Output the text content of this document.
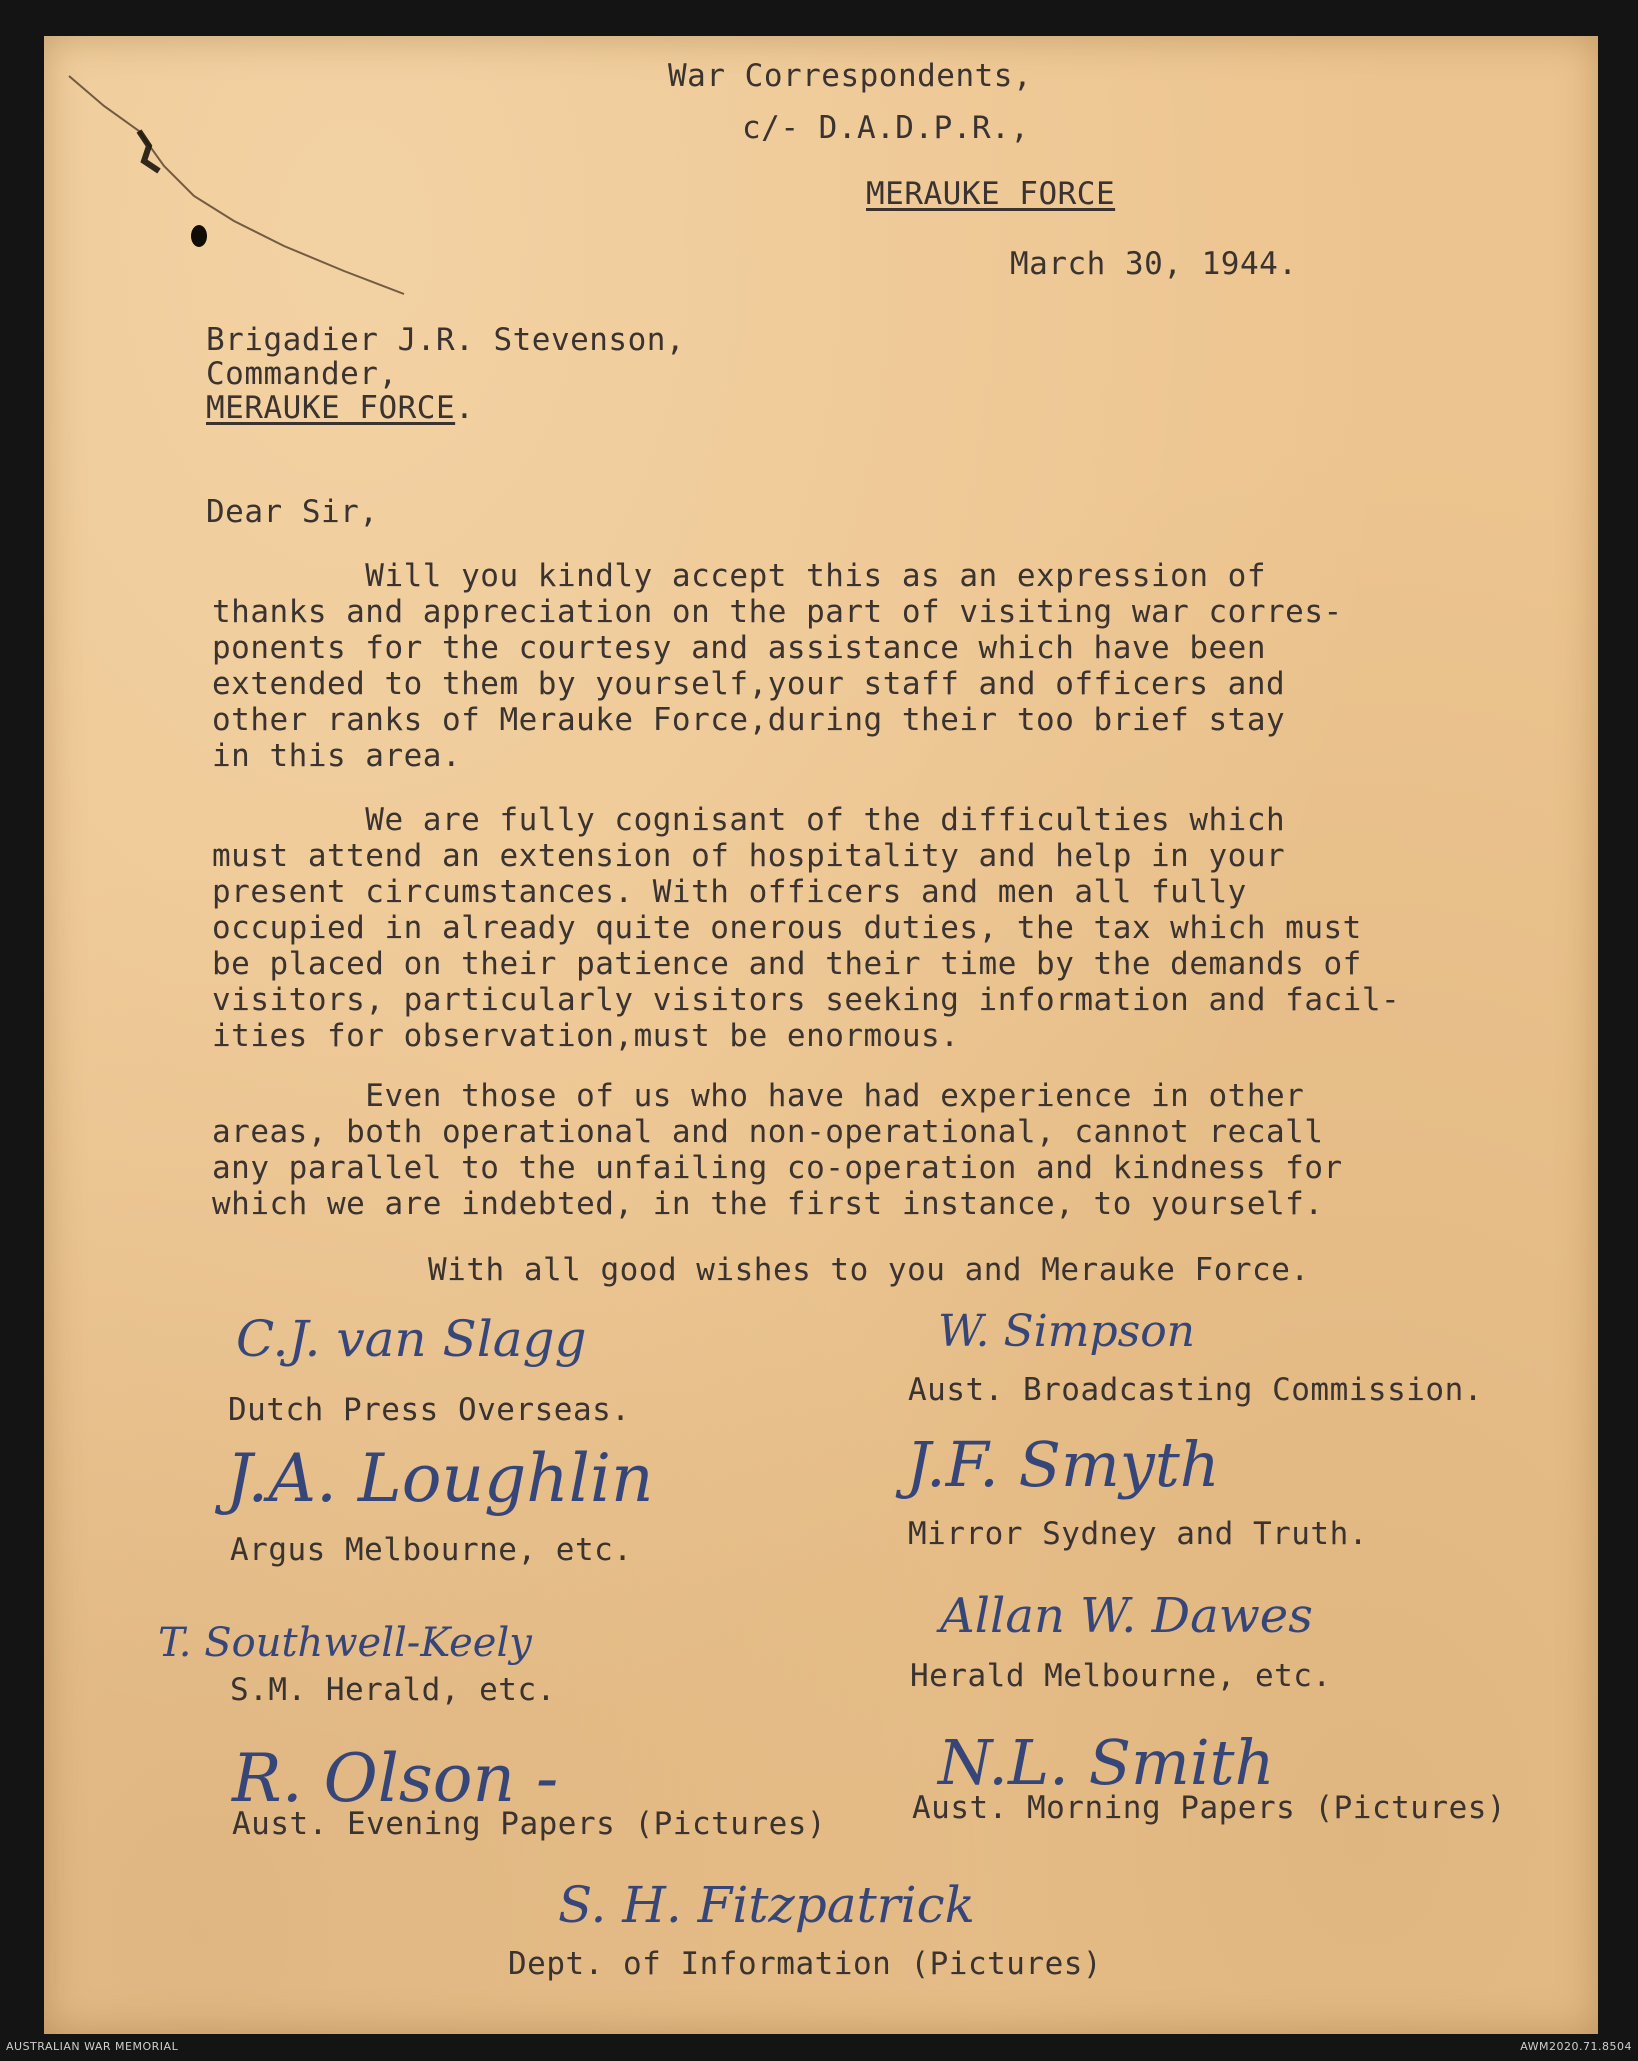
War Correspondents,
c/- D.A.D.P.R.,
MERAUKE FORCE
March 30, 1944.
Brigadier J.R. Stevenson,
Commander,
MERAUKE FORCE.
Dear Sir,
Will you kindly accept this as an expression of
thanks and appreciation on the part of visiting war corres-
ponents for the courtesy and assistance which have been
extended to them by yourself,your staff and officers and
other ranks of Merauke Force,during their too brief stay
in this area.
We are fully cognisant of the difficulties which
must attend an extension of hospitality and help in your
present circumstances. With officers and men all fully
occupied in already quite onerous duties, the tax which must
be placed on their patience and their time by the demands of
visitors, particularly visitors seeking information and facil-
ities for observation,must be enormous.
Even those of us who have had experience in other
areas, both operational and non-operational, cannot recall
any parallel to the unfailing co-operation and kindness for
which we are indebted, in the first instance, to yourself.
With all good wishes to you and Merauke Force.
C.J. van Slagg
Dutch Press Overseas.
W. Simpson
Aust. Broadcasting Commission.
J.A. Loughlin
Argus Melbourne, etc.
J.F. Smyth
Mirror Sydney and Truth.
T. Southwell-Keely
S.M. Herald, etc.
Allan W. Dawes
Herald Melbourne, etc.
R. Olson -
Aust. Evening Papers (Pictures)
N.L. Smith
Aust. Morning Papers (Pictures)
S. H. Fitzpatrick
Dept. of Information (Pictures)
AUSTRALIAN WAR MEMORIAL	AWM2020.71.8504
